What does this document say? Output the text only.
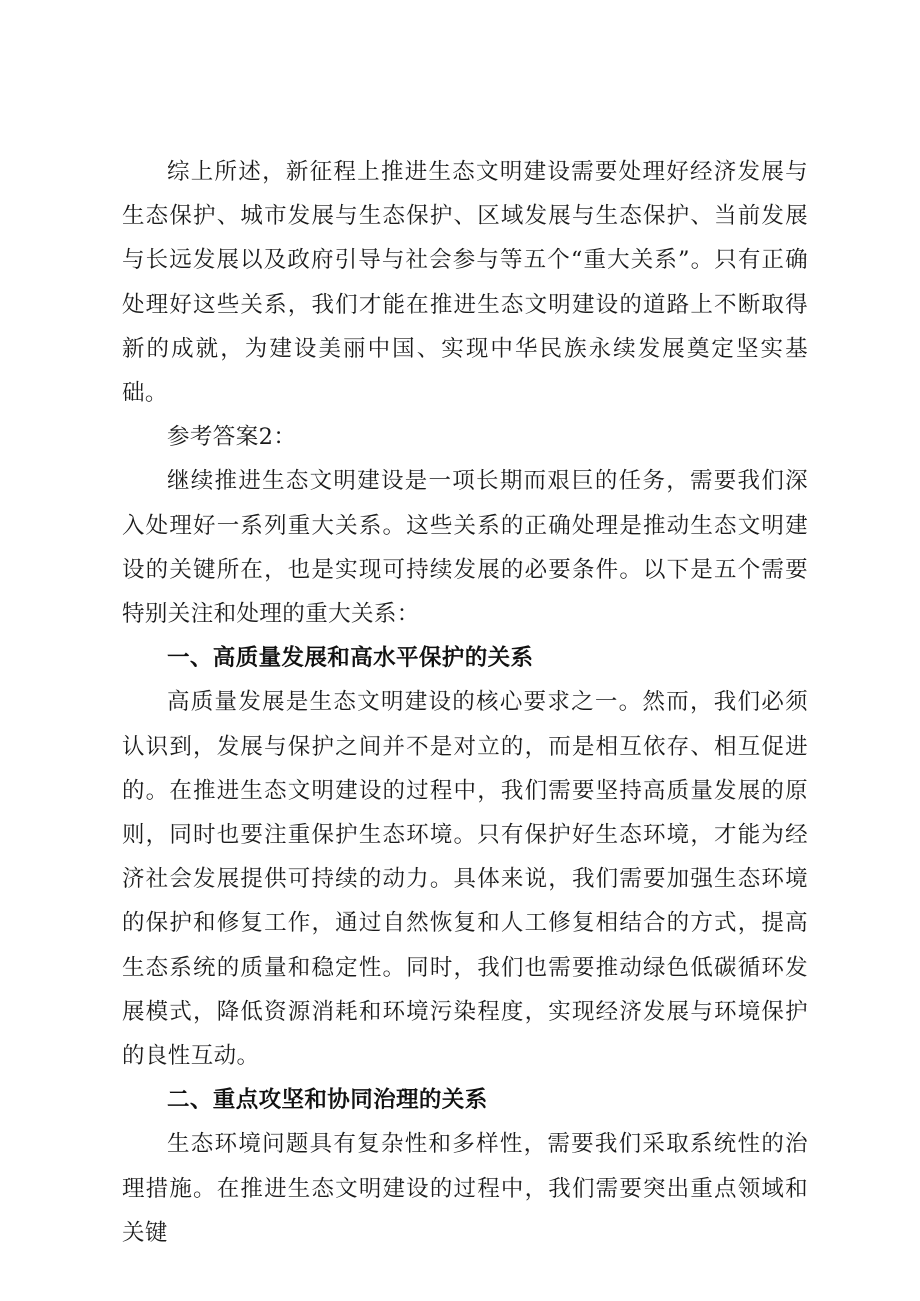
综上所述，新征程上推进生态文明建设需要处理好经济发展与生态保护、城市发展与生态保护、区域发展与生态保护、当前发展与长远发展以及政府引导与社会参与等五个“重大关系”。只有正确处理好这些关系，我们才能在推进生态文明建设的道路上不断取得新的成就，为建设美丽中国、实现中华民族永续发展奠定坚实基础。

参考答案2：

继续推进生态文明建设是一项长期而艰巨的任务，需要我们深入处理好一系列重大关系。这些关系的正确处理是推动生态文明建设的关键所在，也是实现可持续发展的必要条件。以下是五个需要特别关注和处理的重大关系：

一、高质量发展和高水平保护的关系

高质量发展是生态文明建设的核心要求之一。然而，我们必须认识到，发展与保护之间并不是对立的，而是相互依存、相互促进的。在推进生态文明建设的过程中，我们需要坚持高质量发展的原则，同时也要注重保护生态环境。只有保护好生态环境，才能为经济社会发展提供可持续的动力。具体来说，我们需要加强生态环境的保护和修复工作，通过自然恢复和人工修复相结合的方式，提高生态系统的质量和稳定性。同时，我们也需要推动绿色低碳循环发展模式，降低资源消耗和环境污染程度，实现经济发展与环境保护的良性互动。

二、重点攻坚和协同治理的关系

生态环境问题具有复杂性和多样性，需要我们采取系统性的治理措施。在推进生态文明建设的过程中，我们需要突出重点领域和关键
